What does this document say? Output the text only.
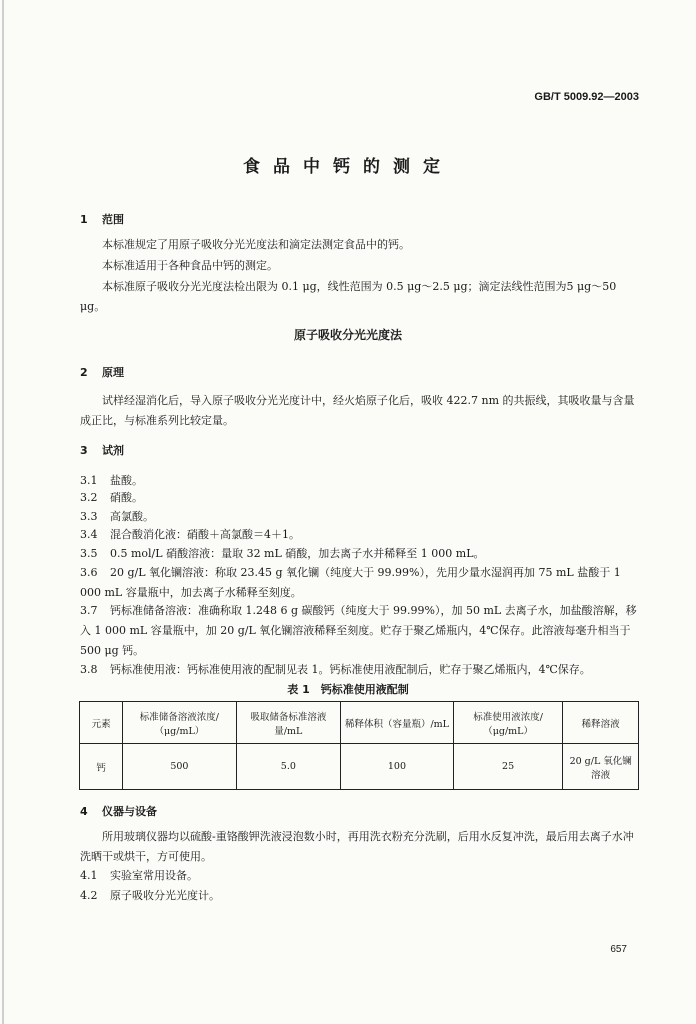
GB/T 5009.92—2003
食品中钙的测定
1 范围
本标准规定了用原子吸收分光光度法和滴定法测定食品中的钙。
本标准适用于各种食品中钙的测定。
本标准原子吸收分光光度法检出限为 0.1 μg，线性范围为 0.5 μg～2.5 μg；滴定法线性范围为5 μg～50 μg。
原子吸收分光光度法
2 原理
试样经湿消化后，导入原子吸收分光光度计中，经火焰原子化后，吸收 422.7 nm 的共振线，其吸收量与含量成正比，与标准系列比较定量。
3 试剂
3.1 盐酸。
3.2 硝酸。
3.3 高氯酸。
3.4 混合酸消化液：硝酸＋高氯酸＝4＋1。
3.5 0.5 mol/L 硝酸溶液：量取 32 mL 硝酸，加去离子水并稀释至 1 000 mL。
3.6 20 g/L 氧化镧溶液：称取 23.45 g 氧化镧（纯度大于 99.99%），先用少量水湿润再加 75 mL 盐酸于 1 000 mL 容量瓶中，加去离子水稀释至刻度。
3.7 钙标准储备溶液：准确称取 1.248 6 g 碳酸钙（纯度大于 99.99%），加 50 mL 去离子水，加盐酸溶解，移入 1 000 mL 容量瓶中，加 20 g/L 氧化镧溶液稀释至刻度。贮存于聚乙烯瓶内，4℃保存。此溶液每毫升相当于 500 μg 钙。
3.8 钙标准使用液：钙标准使用液的配制见表 1。钙标准使用液配制后，贮存于聚乙烯瓶内，4℃保存。
表 1　钙标准使用液配制
元素	标准储备溶液浓度/（μg/mL）	吸取储备标准溶液量/mL	稀释体积（容量瓶）/mL	标准使用液浓度/（μg/mL）	稀释溶液
钙	500	5.0	100	25	20 g/L 氧化镧溶液
4 仪器与设备
所用玻璃仪器均以硫酸-重铬酸钾洗液浸泡数小时，再用洗衣粉充分洗刷，后用水反复冲洗，最后用去离子水冲洗晒干或烘干，方可使用。
4.1 实验室常用设备。
4.2 原子吸收分光光度计。
657
